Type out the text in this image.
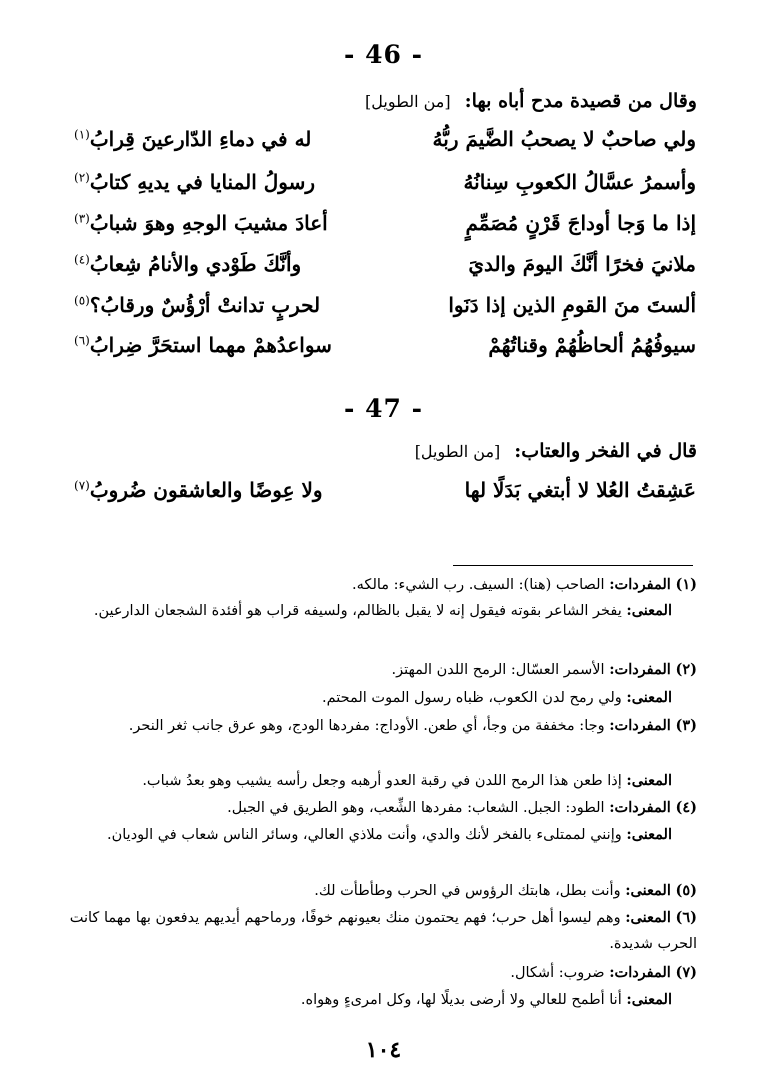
- 46 -
وقال من قصيدة مدح أباه بها:[من الطويل]
ولي صاحبٌ لا يصحبُ الضَّيمَ ربُّهُ
له في دماءِ الدّارعينَ قِرابُ$^{(١)}$
وأسمرُ عسَّالُ الكعوبِ سِنانُهُ
رسولُ المنايا في يديهِ كتابُ$^{(٢)}$
إذا ما وَجا أوداجَ قَرْنٍ مُصَمِّمٍ
أعادَ مشيبَ الوجهِ وهوَ شبابُ$^{(٣)}$
ملانيَ فخرًا أنَّكَ اليومَ والديَ
وأنَّكَ طَوْدي والأنامُ شِعابُ$^{(٤)}$
ألستَ منَ القومِ الذين إذا دَنَوا
لحربٍ تدانتْ أرْؤُسٌ ورقابُ؟$^{(٥)}$
سيوفُهُمُ ألحاظُهُمْ وقناتُهُمْ
سواعدُهمْ مهما استحَرَّ ضِرابُ$^{(٦)}$
- 47 -
قال في الفخر والعتاب:[من الطويل]
عَشِقتُ العُلا لا أبتغي بَدَلًا لها
ولا عِوضًا والعاشقون ضُروبُ$^{(٧)}$
(١) المفردات: الصاحب (هنا): السيف. رب الشيء: مالكه.
المعنى: يفخر الشاعر بقوته فيقول إنه لا يقبل بالظالم، ولسيفه قراب هو أفئدة الشجعان الدارعين.
(٢) المفردات: الأسمر العسّال: الرمح اللدن المهتز.
المعنى: ولي رمح لدن الكعوب، ظباه رسول الموت المحتم.
(٣) المفردات: وجا: مخففة من وجأ، أي طعن. الأوداج: مفردها الودج، وهو عرق جانب ثغر النحر.
المعنى: إذا طعن هذا الرمح اللدن في رقبة العدو أرهبه وجعل رأسه يشيب وهو بعدُ شباب.
(٤) المفردات: الطود: الجبل. الشعاب: مفردها الشِّعب، وهو الطريق في الجبل.
المعنى: وإنني لممتلىء بالفخر لأنك والدي، وأنت ملاذي العالي، وسائر الناس شعاب في الوديان.
(٥) المعنى: وأنت بطل، هابتك الرؤوس في الحرب وطأطأت لك.
(٦) المعنى: وهم ليسوا أهل حرب؛ فهم يحتمون منك بعيونهم خوفًا، ورماحهم أيديهم يدفعون بها مهما كانت الحرب شديدة.
(٧) المفردات: ضروب: أشكال.
المعنى: أنا أطمح للعالي ولا أرضى بديلًا لها، وكل امرىءٍ وهواه.
١٠٤
